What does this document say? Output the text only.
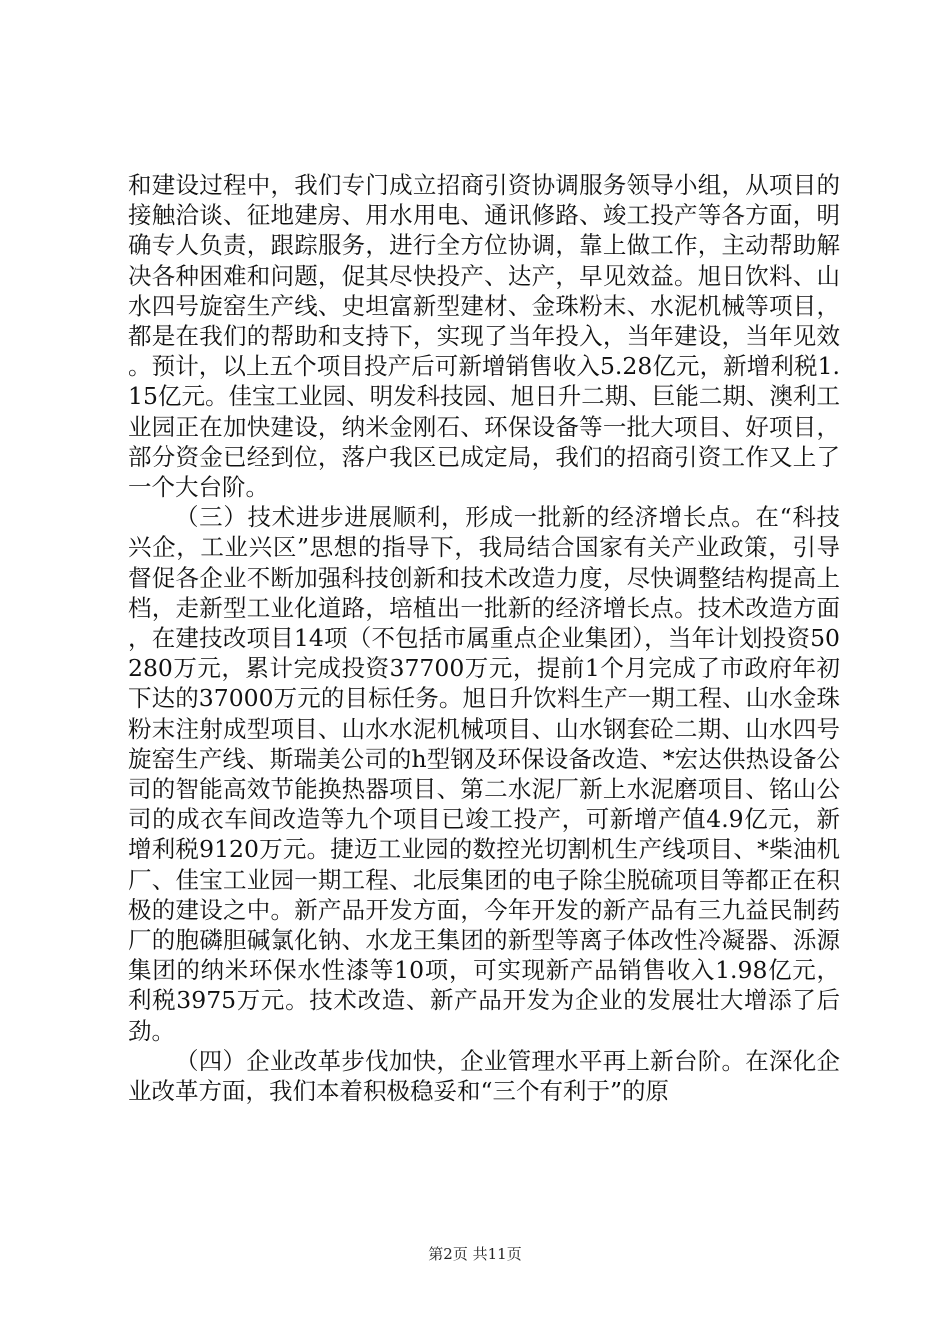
和建设过程中，我们专门成立招商引资协调服务领导小组，从项目的接触洽谈、征地建房、用水用电、通讯修路、竣工投产等各方面，明确专人负责，跟踪服务，进行全方位协调，靠上做工作，主动帮助解决各种困难和问题，促其尽快投产、达产，早见效益。旭日饮料、山水四号旋窑生产线、史坦富新型建材、金珠粉末、水泥机械等项目，都是在我们的帮助和支持下，实现了当年投入，当年建设，当年见效。预计，以上五个项目投产后可新增销售收入5.28亿元，新增利税1.15亿元。佳宝工业园、明发科技园、旭日升二期、巨能二期、澳利工业园正在加快建设，纳米金刚石、环保设备等一批大项目、好项目，部分资金已经到位，落户我区已成定局，我们的招商引资工作又上了一个大台阶。

（三）技术进步进展顺利，形成一批新的经济增长点。在“科技兴企，工业兴区”思想的指导下，我局结合国家有关产业政策，引导督促各企业不断加强科技创新和技术改造力度，尽快调整结构提高上档，走新型工业化道路，培植出一批新的经济增长点。技术改造方面，在建技改项目14项（不包括市属重点企业集团），当年计划投资50280万元，累计完成投资37700万元，提前1个月完成了市政府年初下达的37000万元的目标任务。旭日升饮料生产一期工程、山水金珠粉末注射成型项目、山水水泥机械项目、山水钢套砼二期、山水四号旋窑生产线、斯瑞美公司的h型钢及环保设备改造、*宏达供热设备公司的智能高效节能换热器项目、第二水泥厂新上水泥磨项目、铭山公司的成衣车间改造等九个项目已竣工投产，可新增产值4.9亿元，新增利税9120万元。捷迈工业园的数控光切割机生产线项目、*柴油机厂、佳宝工业园一期工程、北辰集团的电子除尘脱硫项目等都正在积极的建设之中。新产品开发方面，今年开发的新产品有三九益民制药厂的胞磷胆碱氯化钠、水龙王集团的新型等离子体改性冷凝器、泺源集团的纳米环保水性漆等10项，可实现新产品销售收入1.98亿元，利税3975万元。技术改造、新产品开发为企业的发展壮大增添了后劲。

（四）企业改革步伐加快，企业管理水平再上新台阶。在深化企业改革方面，我们本着积极稳妥和“三个有利于”的原

第2页 共11页
